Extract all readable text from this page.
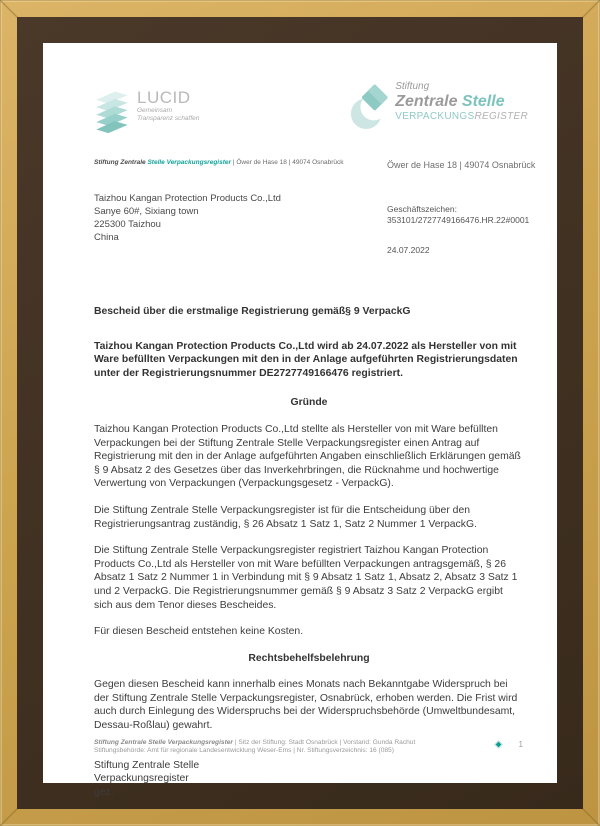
LUCID
Gemeinsam
Transparenz schaffen
Stiftung
Zentrale Stelle
VERPACKUNGSREGISTER
Stiftung Zentrale Stelle Verpackungsregister | Öwer de Hase 18 | 49074 Osnabrück	Öwer de Hase 18 | 49074 Osnabrück
Taizhou Kangan Protection Products Co.,Ltd
Sanye 60#, Sixiang town
225300 Taizhou
China
Geschäftszeichen:
353101/2727749166476.HR.22#0001
24.07.2022

Bescheid über die erstmalige Registrierung gemäß§ 9 VerpackG

Taizhou Kangan Protection Products Co.,Ltd wird ab 24.07.2022 als Hersteller von mit Ware befüllten Verpackungen mit den in der Anlage aufgeführten Registrierungsdaten unter der Registrierungsnummer DE2727749166476 registriert.

Gründe

Taizhou Kangan Protection Products Co.,Ltd stellte als Hersteller von mit Ware befüllten Verpackungen bei der Stiftung Zentrale Stelle Verpackungsregister einen Antrag auf Registrierung mit den in der Anlage aufgeführten Angaben einschließlich Erklärungen gemäß § 9 Absatz 2 des Gesetzes über das Inverkehrbringen, die Rücknahme und hochwertige Verwertung von Verpackungen (Verpackungsgesetz - VerpackG).

Die Stiftung Zentrale Stelle Verpackungsregister ist für die Entscheidung über den Registrierungsantrag zuständig, § 26 Absatz 1 Satz 1, Satz 2 Nummer 1 VerpackG.

Die Stiftung Zentrale Stelle Verpackungsregister registriert Taizhou Kangan Protection Products Co.,Ltd als Hersteller von mit Ware befüllten Verpackungen antragsgemäß, § 26 Absatz 1 Satz 2 Nummer 1 in Verbindung mit § 9 Absatz 1 Satz 1, Absatz 2, Absatz 3 Satz 1 und 2 VerpackG. Die Registrierungsnummer gemäß § 9 Absatz 3 Satz 2 VerpackG ergibt sich aus dem Tenor dieses Bescheides.

Für diesen Bescheid entstehen keine Kosten.

Rechtsbehelfsbelehrung

Gegen diesen Bescheid kann innerhalb eines Monats nach Bekanntgabe Widerspruch bei der Stiftung Zentrale Stelle Verpackungsregister, Osnabrück, erhoben werden. Die Frist wird auch durch Einlegung des Widerspruchs bei der Widerspruchsbehörde (Umweltbundesamt, Dessau-Roßlau) gewahrt.

Stiftung Zentrale Stelle

Verpackungsregister

gez.

Stiftung Zentrale Stelle Verpackungsregister | Sitz der Stiftung: Stadt Osnabrück | Vorstand: Gunda Rachut
Stiftungsbehörde: Amt für regionale Landesentwicklung Weser-Ems | Nr. Stiftungsverzeichnis: 16 (085)
1
